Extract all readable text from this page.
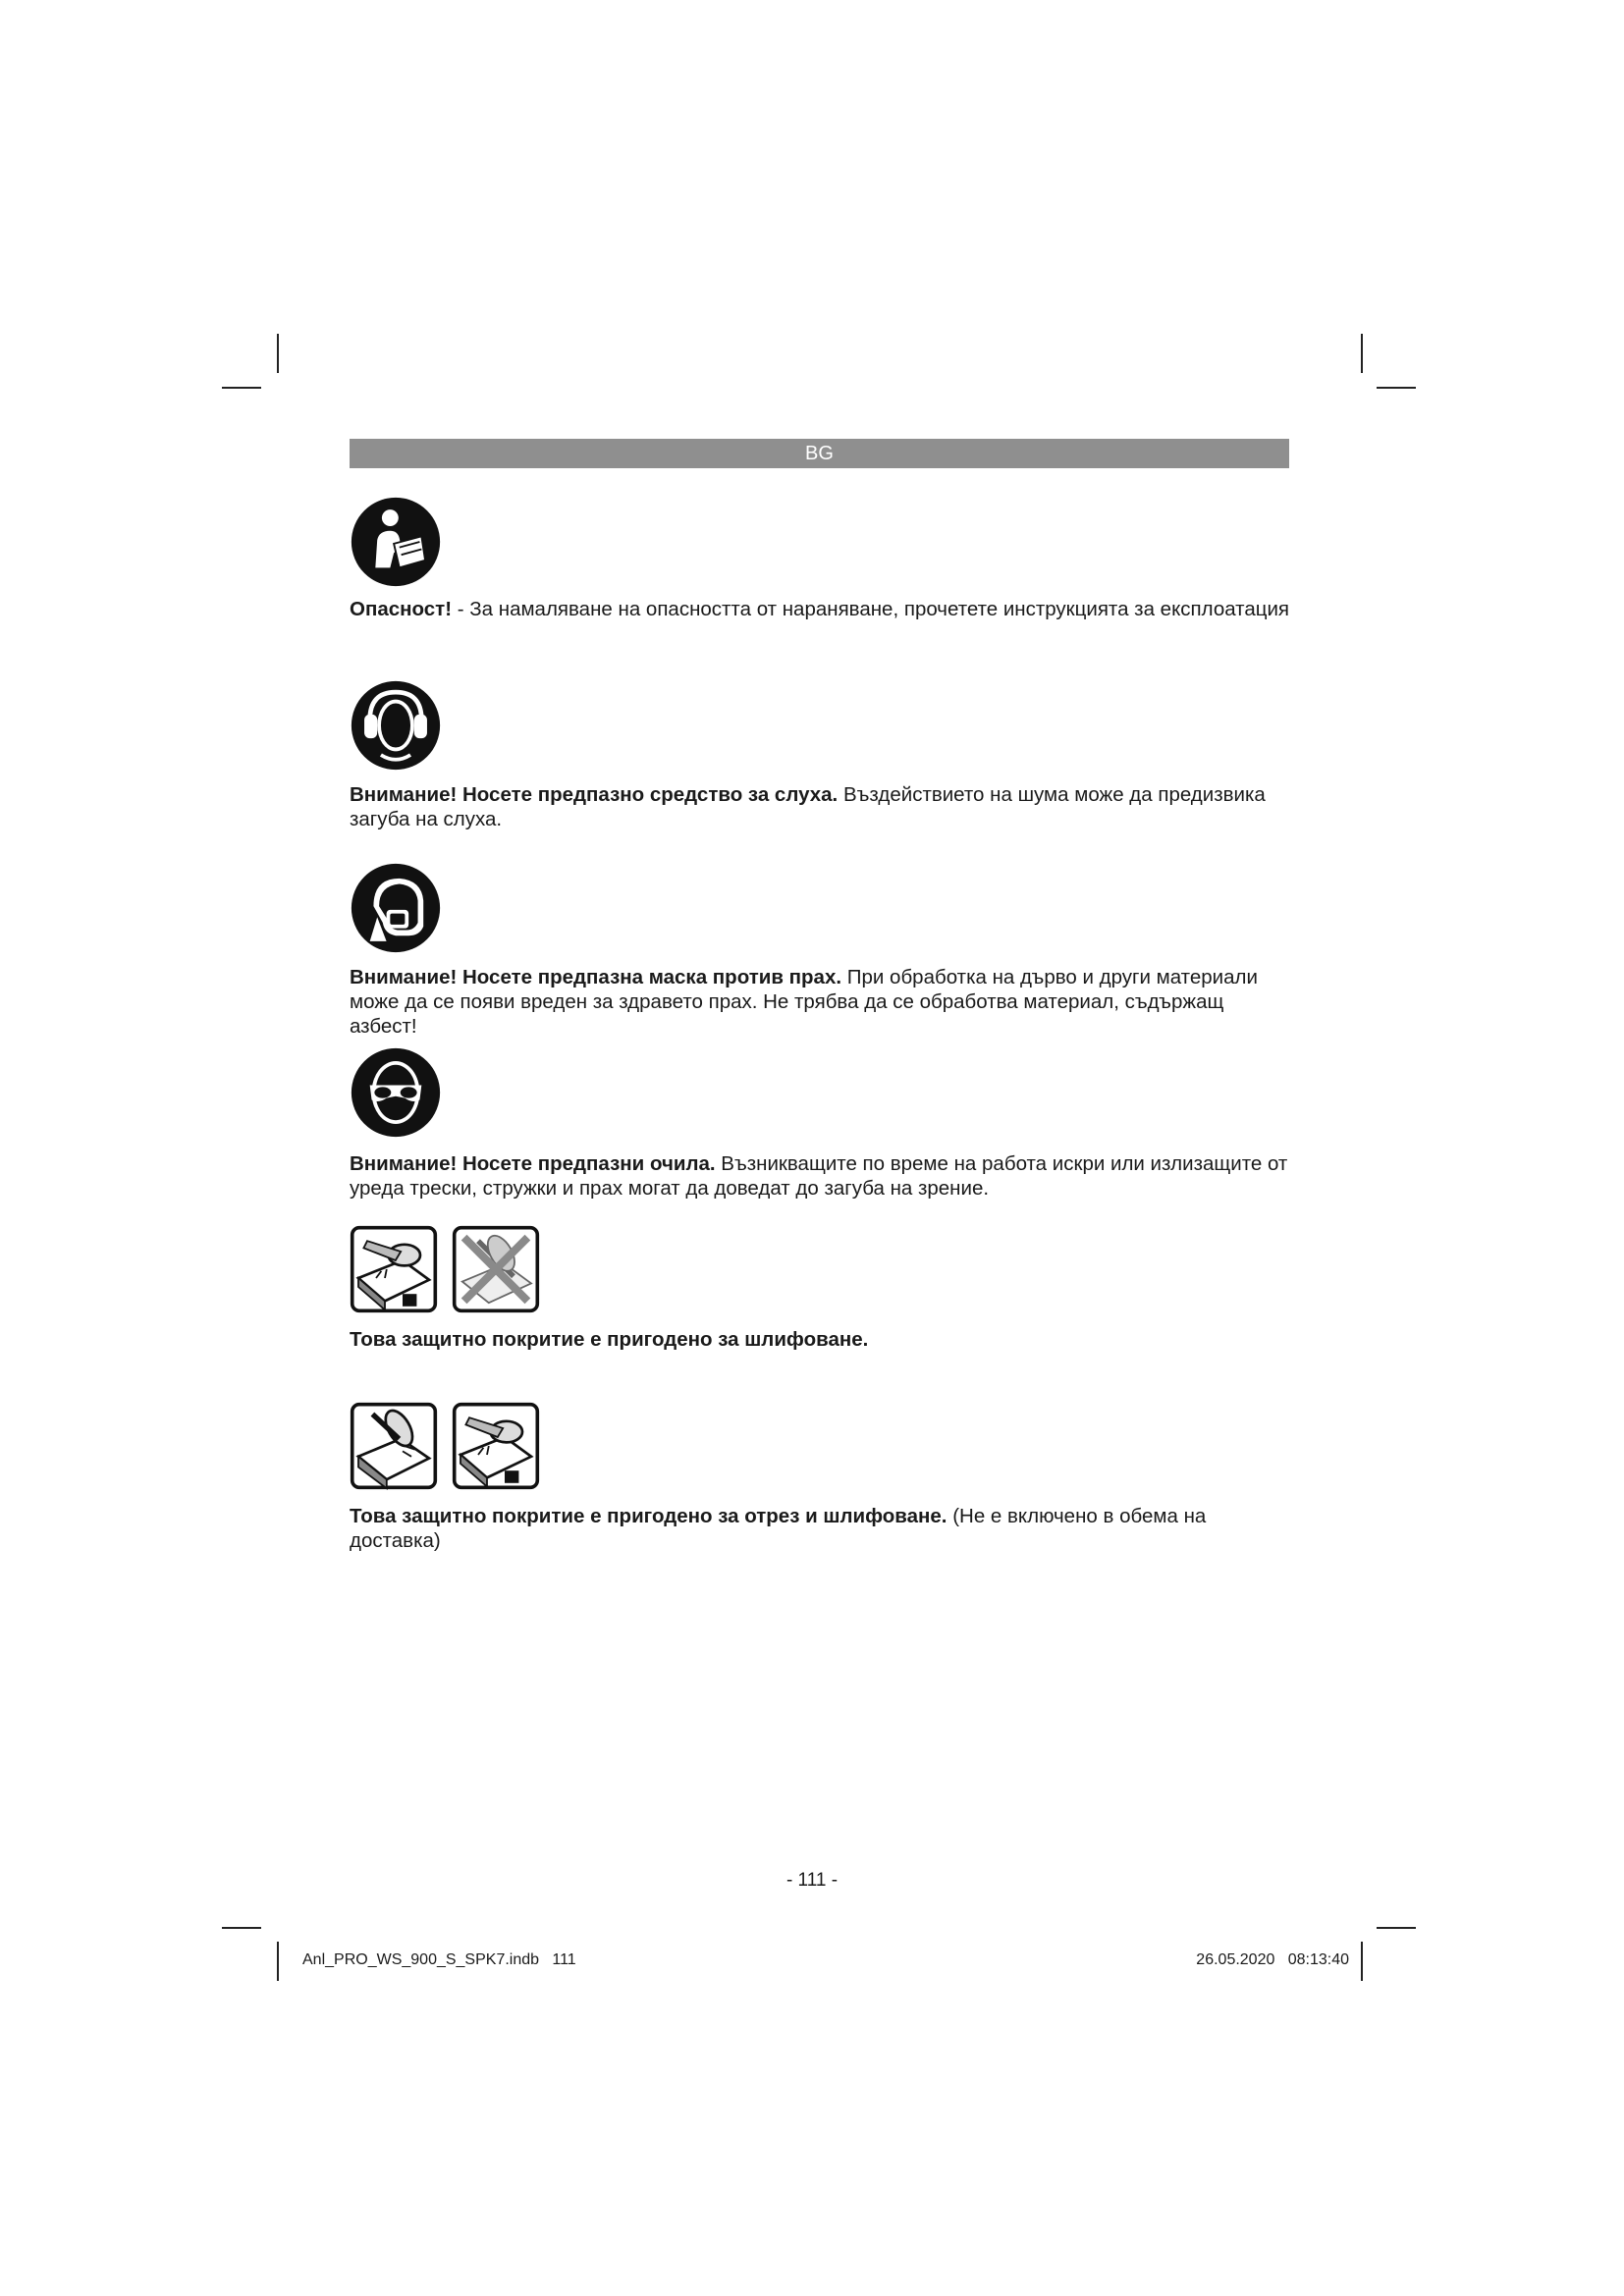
BG
Опасност! - За намаляване на опасността от нараняване, прочетете инструкцията за експлоатация
Внимание! Носете предпазно средство за слуха. Въздействието на шума може да предизвика загуба на слуха.
Внимание! Носете предпазна маска против прах. При обработка на дърво и други материали може да се появи вреден за здравето прах. Не трябва да се обработва материал, съдържащ азбест!
Внимание! Носете предпазни очила. Възникващите по време на работа искри или излизащите от уреда трески, стружки и прах могат да доведат до загуба на зрение.
Това защитно покритие е пригодено за шлифоване.
Това защитно покритие е пригодено за отрез и шлифоване. (Не е включено в обема на доставка)
- 111 -
Anl_PRO_WS_900_S_SPK7.indb   111	26.05.2020   08:13:40
